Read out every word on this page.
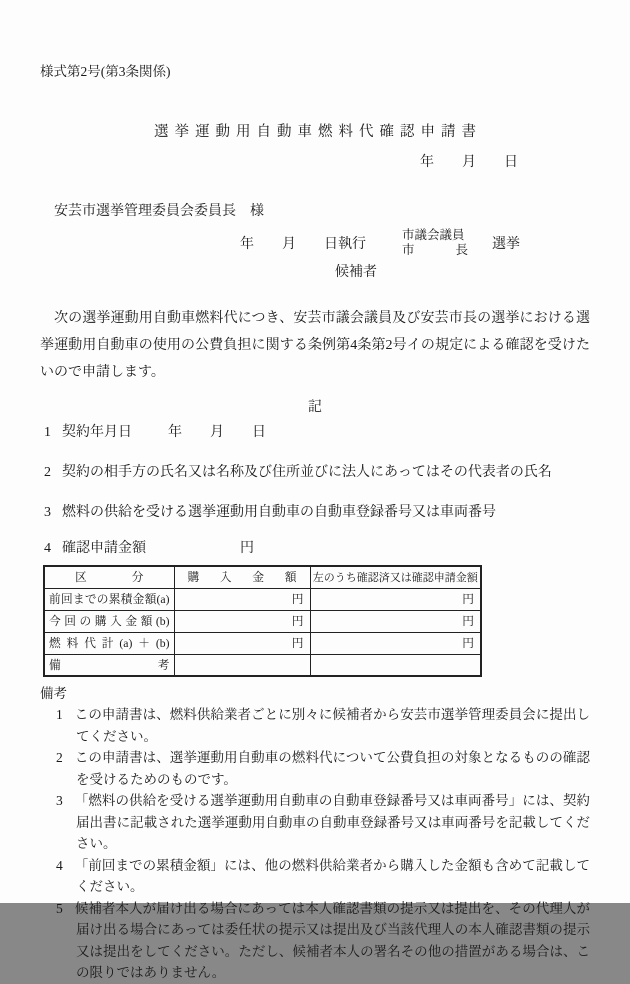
様式第2号(第3条関係)
選挙運動用自動車燃料代確認申請書
年　　月　　日
安芸市選挙管理委員会委員長　様
年　　月　　日執行
市議会議員
市長 選挙
候補者
次の選挙運動用自動車燃料代につき、安芸市議会議員及び安芸市長の選挙における選挙運動用自動車の使用の公費負担に関する条例第4条第2号イの規定による確認を受けたいので申請します。
記
1 契約年月日	年　　月　　日
2 契約の相手方の氏名又は名称及び住所並びに法人にあってはその代表者の氏名
3 燃料の供給を受ける選挙運動用自動車の自動車登録番号又は車両番号
4 確認申請金額	円
区分	購入金額	左のうち確認済又は確認申請金額
前回までの累積金額(a)	円	円
今回の購入金額(b)	円	円
燃料代計(a)＋(b)	円	円
備考		
備考
1 この申請書は、燃料供給業者ごとに別々に候補者から安芸市選挙管理委員会に提出してください。
2 この申請書は、選挙運動用自動車の燃料代について公費負担の対象となるものの確認を受けるためのものです。
3 「燃料の供給を受ける選挙運動用自動車の自動車登録番号又は車両番号」には、契約届出書に記載された選挙運動用自動車の自動車登録番号又は車両番号を記載してください。
4 「前回までの累積金額」には、他の燃料供給業者から購入した金額も含めて記載してください。
5 候補者本人が届け出る場合にあっては本人確認書類の提示又は提出を、その代理人が届け出る場合にあっては委任状の提示又は提出及び当該代理人の本人確認書類の提示又は提出をしてください。ただし、候補者本人の署名その他の措置がある場合は、この限りではありません。
